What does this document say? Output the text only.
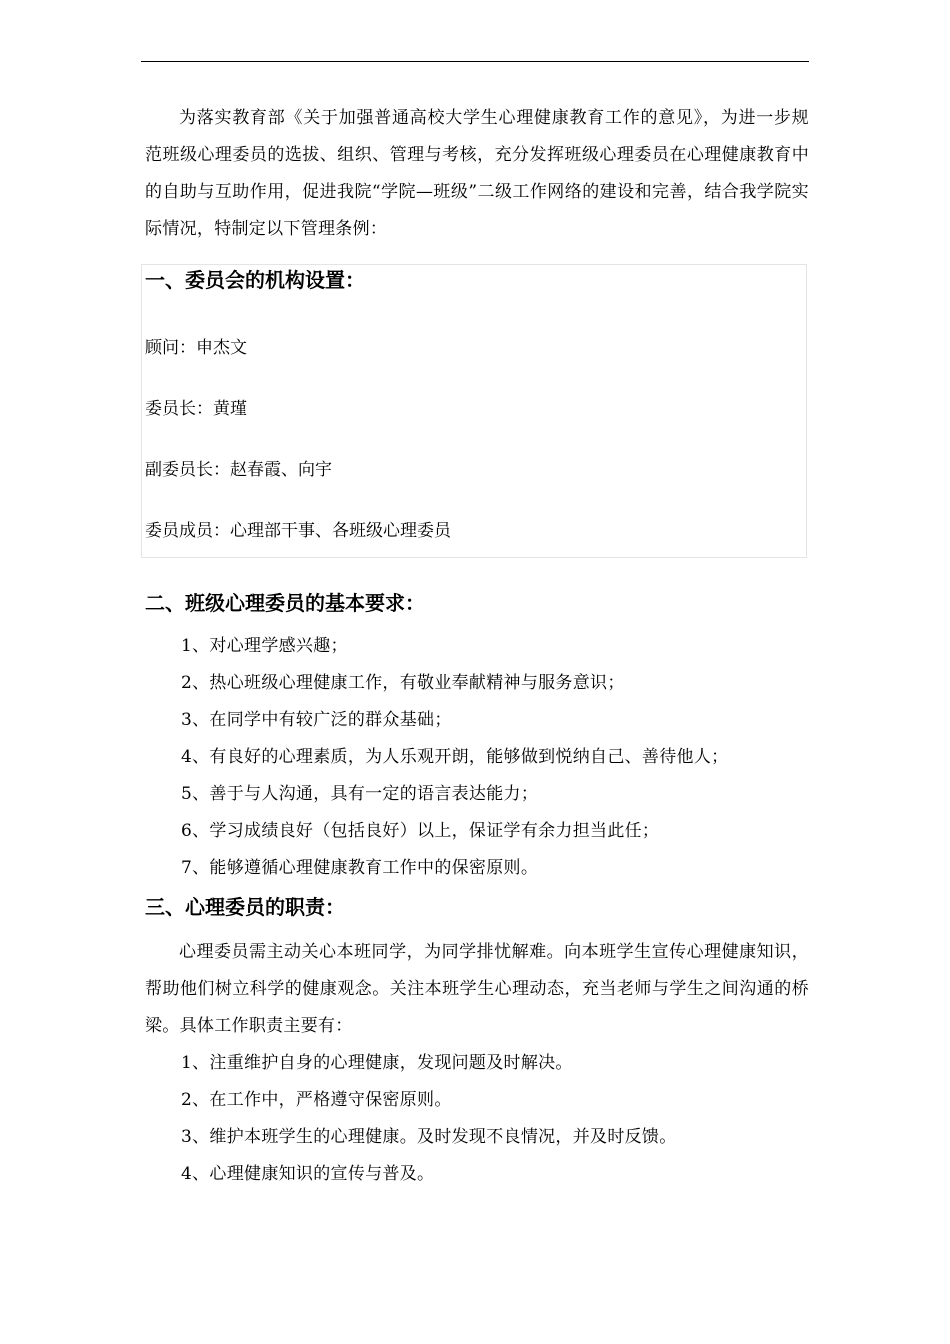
为落实教育部《关于加强普通高校大学生心理健康教育工作的意见》，为进一步规范班级心理委员的选拔、组织、管理与考核，充分发挥班级心理委员在心理健康教育中的自助与互助作用，促进我院“学院—班级”二级工作网络的建设和完善，结合我学院实际情况，特制定以下管理条例：

一、委员会的机构设置：

顾问：申杰文

委员长：黄瑾

副委员长：赵春霞、向宇

委员成员：心理部干事、各班级心理委员

二、班级心理委员的基本要求：

1、对心理学感兴趣；

2、热心班级心理健康工作，有敬业奉献精神与服务意识；

3、在同学中有较广泛的群众基础；

4、有良好的心理素质，为人乐观开朗，能够做到悦纳自己、善待他人；

5、善于与人沟通，具有一定的语言表达能力；

6、学习成绩良好（包括良好）以上，保证学有余力担当此任；

7、能够遵循心理健康教育工作中的保密原则。

三、心理委员的职责：

心理委员需主动关心本班同学，为同学排忧解难。向本班学生宣传心理健康知识，帮助他们树立科学的健康观念。关注本班学生心理动态，充当老师与学生之间沟通的桥梁。具体工作职责主要有：

1、注重维护自身的心理健康，发现问题及时解决。

2、在工作中，严格遵守保密原则。

3、维护本班学生的心理健康。及时发现不良情况，并及时反馈。

4、心理健康知识的宣传与普及。
